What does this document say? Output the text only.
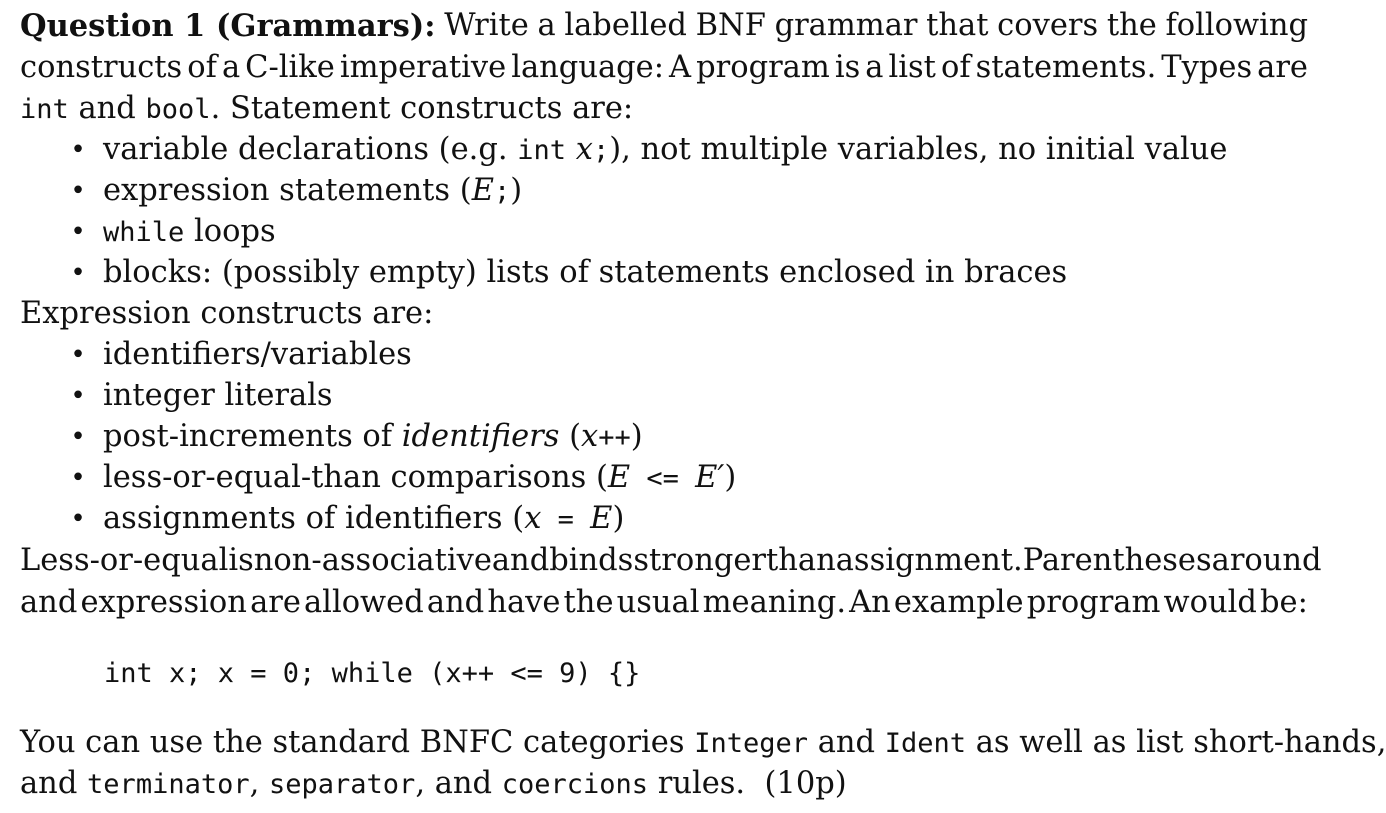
Question 1 (Grammars): Write a labelled BNF grammar that covers the following
constructs of a C-like imperative language: A program is a list of statements. Types are
int and bool. Statement constructs are:
• variable declarations (e.g. int x;), not multiple variables, no initial value
• expression statements (E;)
• while loops
• blocks: (possibly empty) lists of statements enclosed in braces
Expression constructs are:
• identifiers/variables
• integer literals
• post-increments of identifiers (x++)
• less-or-equal-than comparisons (E <= E′)
• assignments of identifiers (x = E)
Less-or-equal is non-associative and binds stronger than assignment. Parentheses around
and expression are allowed and have the usual meaning. An example program would be:
int x; x = 0; while (x++ <= 9) {}
You can use the standard BNFC categories Integer and Ident as well as list short-hands,
and terminator, separator, and coercions rules.  (10p)
